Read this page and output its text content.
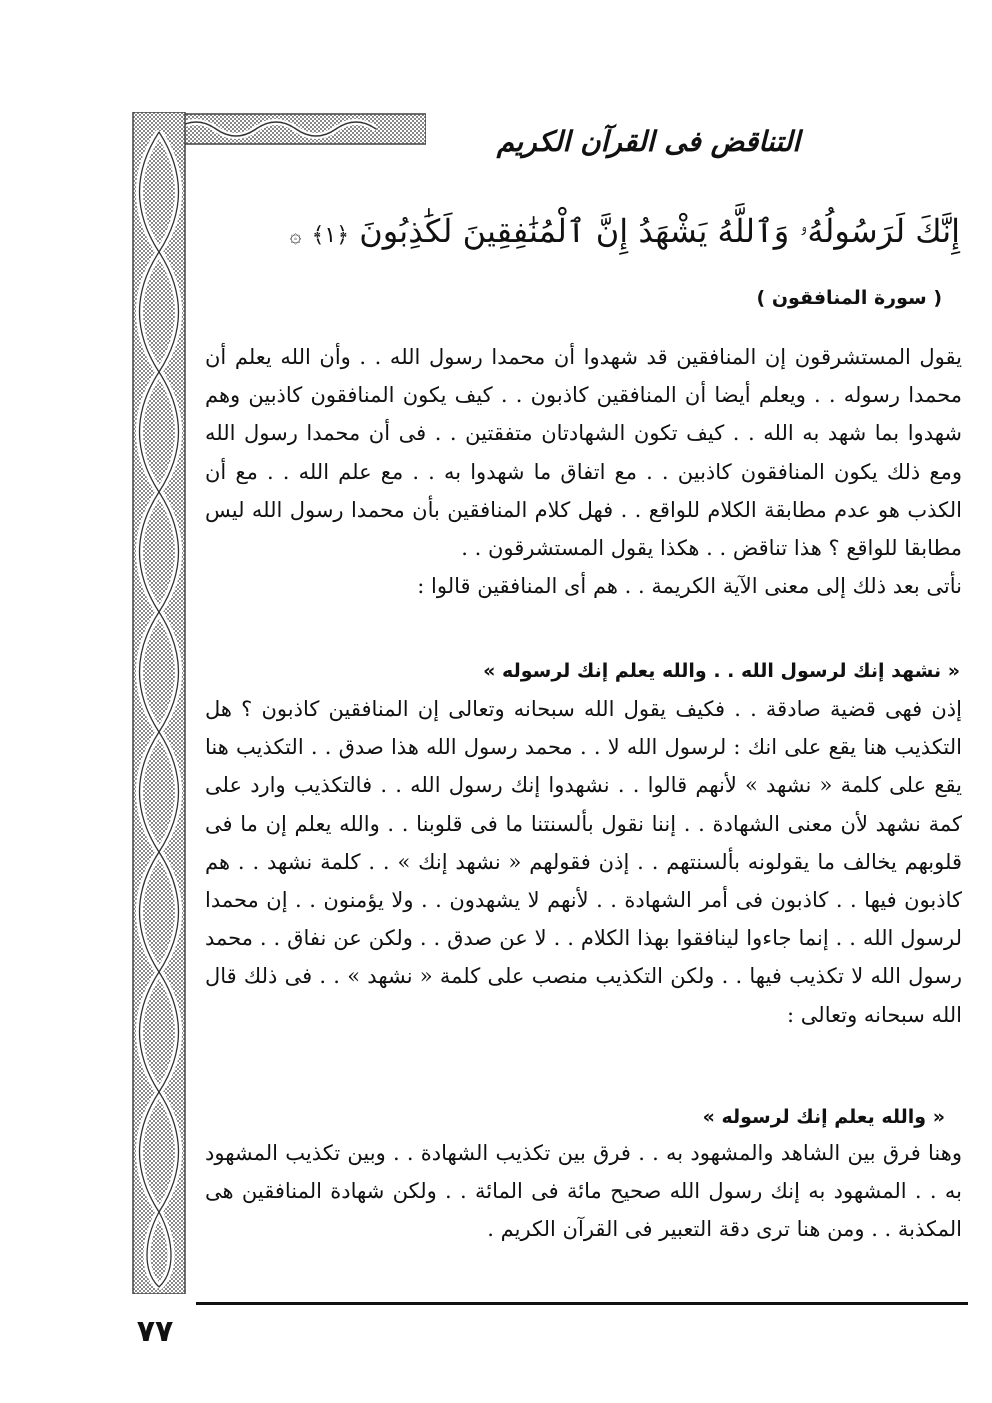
التناقض فى القرآن الكريم
إِنَّكَ لَرَسُولُهُۥ وَٱللَّهُ يَشْهَدُ إِنَّ ٱلْمُنَٰفِقِينَ لَكَٰذِبُونَ ﴿١﴾ ۞
( سورة المنافقون )

يقول المستشرقون إن المنافقين قد شهدوا أن محمدا رسول الله . . وأن الله يعلم أن محمدا رسوله . . ويعلم أيضا أن المنافقين كاذبون . . كيف يكون المنافقون كاذبين وهم شهدوا بما شهد به الله . . كيف تكون الشهادتان متفقتين . . فى أن محمدا رسول الله ومع ذلك يكون المنافقون كاذبين . . مع اتفاق ما شهدوا به . . مع علم الله . . مع أن الكذب هو عدم مطابقة الكلام للواقع . . فهل كلام المنافقين بأن محمدا رسول الله ليس مطابقا للواقع ؟ هذا تناقض . . هكذا يقول المستشرقون . .

نأتى بعد ذلك إلى معنى الآية الكريمة . . هم أى المنافقين قالوا :

« نشهد إنك لرسول الله . . والله يعلم إنك لرسوله »
إذن فهى قضية صادقة . . فكيف يقول الله سبحانه وتعالى إن المنافقين كاذبون ؟ هل التكذيب هنا يقع على انك : لرسول الله لا . . محمد رسول الله هذا صدق . . التكذيب هنا يقع على كلمة « نشهد » لأنهم قالوا . . نشهدوا إنك رسول الله . . فالتكذيب وارد على كمة نشهد لأن معنى الشهادة . . إننا نقول بألسنتنا ما فى قلوبنا . . والله يعلم إن ما فى قلوبهم يخالف ما يقولونه بألسنتهم . . إذن فقولهم « نشهد إنك » . . كلمة نشهد . . هم كاذبون فيها . . كاذبون فى أمر الشهادة . . لأنهم لا يشهدون . . ولا يؤمنون . . إن محمدا لرسول الله . . إنما جاءوا لينافقوا بهذا الكلام . . لا عن صدق . . ولكن عن نفاق . . محمد رسول الله لا تكذيب فيها . . ولكن التكذيب منصب على كلمة « نشهد » . . فى ذلك قال الله سبحانه وتعالى :
« والله يعلم إنك لرسوله »
وهنا فرق بين الشاهد والمشهود به . . فرق بين تكذيب الشهادة . . وبين تكذيب المشهود به . . المشهود به إنك رسول الله صحيح مائة فى المائة . . ولكن شهادة المنافقين هى المكذبة . . ومن هنا ترى دقة التعبير فى القرآن الكريم .
٧٧
